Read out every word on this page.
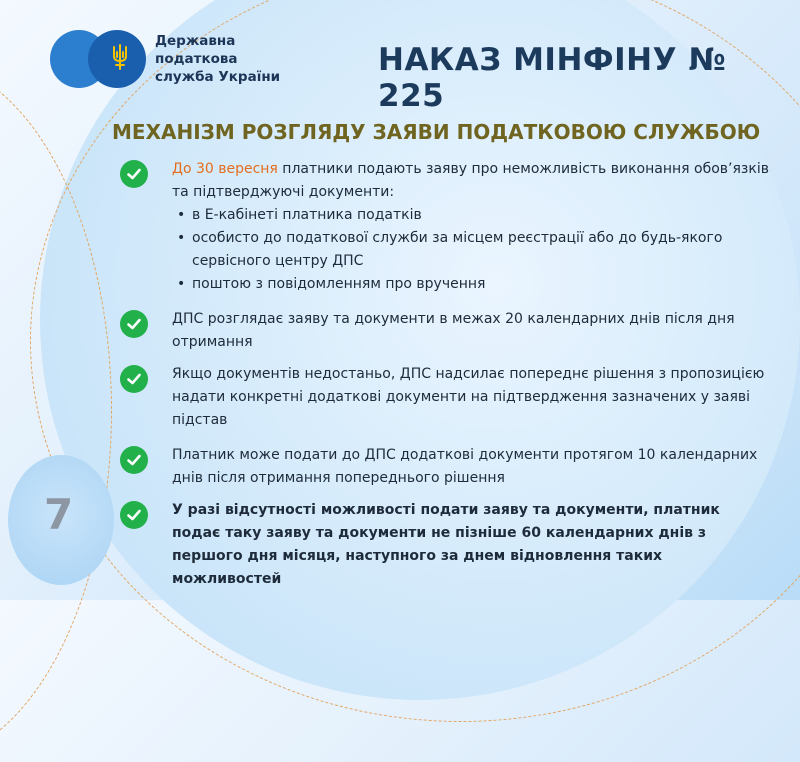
7
Державна
податкова
служба України	НАКАЗ МІНФІНУ № 225
МЕХАНІЗМ РОЗГЛЯДУ ЗАЯВИ ПОДАТКОВОЮ СЛУЖБОЮ
До 30 вересня платники подають заяву про неможливість виконання обов’язків та підтверджуючі документи:
• в Е-кабінеті платника податків
• особисто до податкової служби за місцем реєстрації або до будь-якого сервісного центру ДПС
• поштою з повідомленням про вручення
ДПС розглядає заяву та документи в межах 20 календарних днів після дня отримання
Якщо документів недостаньо, ДПС надсилає попереднє рішення з пропозицією надати конкретні додаткові документи на підтвердження зазначених у заяві підстав
Платник може подати до ДПС додаткові документи протягом 10 календарних днів після отримання попереднього рішення
У разі відсутності можливості подати заяву та документи, платник подає таку заяву та документи не пізніше 60 календарних днів з першого дня місяця, наступного за днем відновлення таких можливостей
